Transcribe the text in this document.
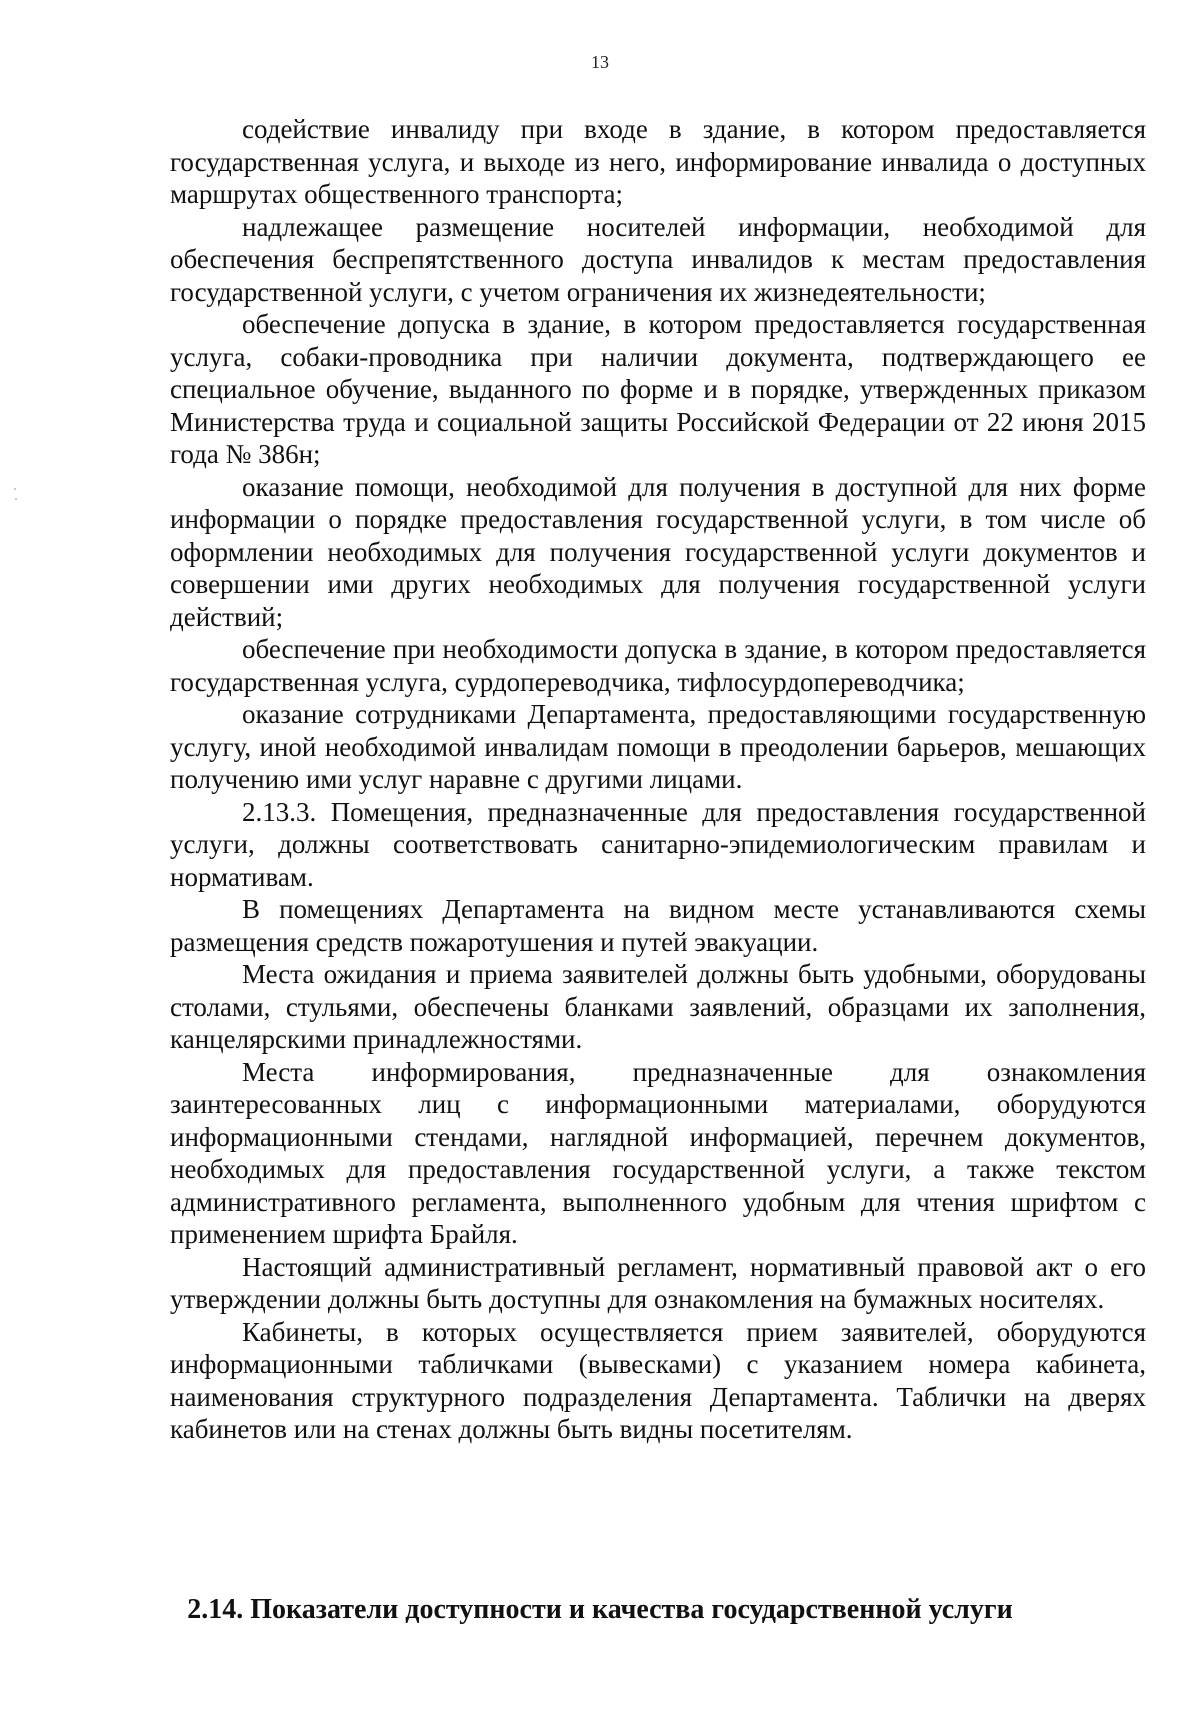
13

содействие инвалиду при входе в здание, в котором предоставляется государственная услуга, и выходе из него, информирование инвалида о доступных маршрутах общественного транспорта;

надлежащее размещение носителей информации, необходимой для обеспечения беспрепятственного доступа инвалидов к местам предоставления государственной услуги, с учетом ограничения их жизнедеятельности;

обеспечение допуска в здание, в котором предоставляется государственная услуга, собаки-проводника при наличии документа, подтверждающего ее специальное обучение, выданного по форме и в порядке, утвержденных приказом Министерства труда и социальной защиты Российской Федерации от 22 июня 2015 года № 386н;

оказание помощи, необходимой для получения в доступной для них форме информации о порядке предоставления государственной услуги, в том числе об оформлении необходимых для получения государственной услуги документов и совершении ими других необходимых для получения государственной услуги действий;

обеспечение при необходимости допуска в здание, в котором предоставляется государственная услуга, сурдопереводчика, тифлосурдопереводчика;

оказание сотрудниками Департамента, предоставляющими государственную услугу, иной необходимой инвалидам помощи в преодолении барьеров, мешающих получению ими услуг наравне с другими лицами.

2.13.3. Помещения, предназначенные для предоставления государственной услуги, должны соответствовать санитарно-эпидемиологическим правилам и нормативам.

В помещениях Департамента на видном месте устанавливаются схемы размещения средств пожаротушения и путей эвакуации.

Места ожидания и приема заявителей должны быть удобными, оборудованы столами, стульями, обеспечены бланками заявлений, образцами их заполнения, канцелярскими принадлежностями.

Места информирования, предназначенные для ознакомления заинтересованных лиц с информационными материалами, оборудуются информационными стендами, наглядной информацией, перечнем документов, необходимых для предоставления государственной услуги, а также текстом административного регламента, выполненного удобным для чтения шрифтом с применением шрифта Брайля.

Настоящий административный регламент, нормативный правовой акт о его утверждении должны быть доступны для ознакомления на бумажных носителях.

Кабинеты, в которых осуществляется прием заявителей, оборудуются информационными табличками (вывесками) с указанием номера кабинета, наименования структурного подразделения Департамента. Таблички на дверях кабинетов или на стенах должны быть видны посетителям.

2.14. Показатели доступности и качества государственной услуги
